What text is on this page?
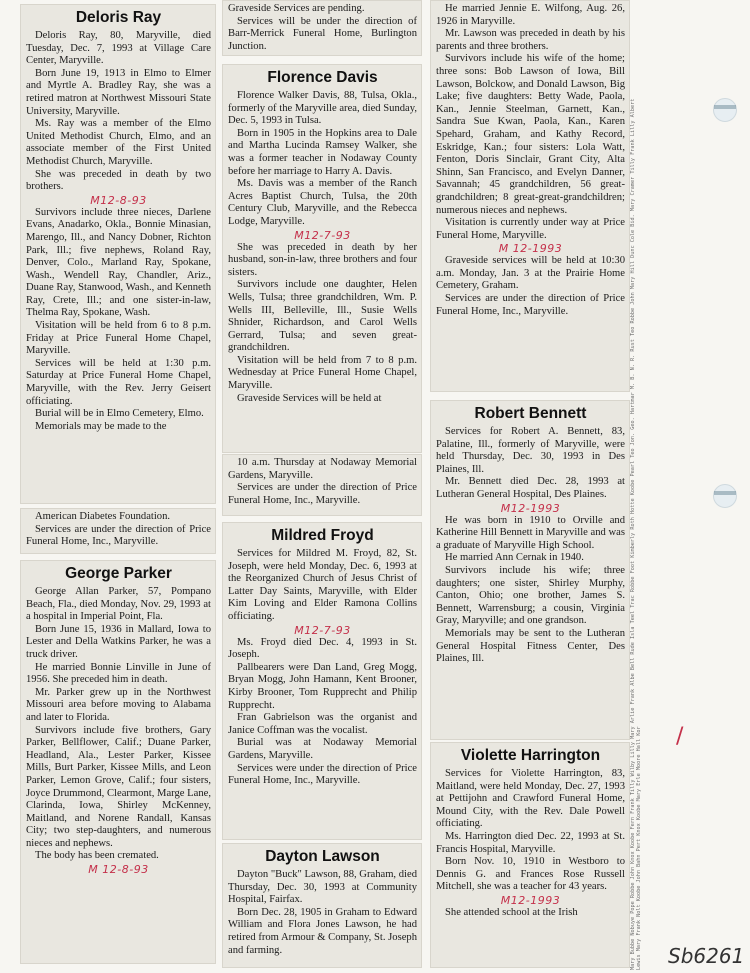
Deloris Ray

Deloris Ray, 80, Maryville, died Tuesday, Dec. 7, 1993 at Village Care Center, Maryville.

Born June 19, 1913 in Elmo to Elmer and Myrtle A. Bradley Ray, she was a retired matron at Northwest Missouri State University, Maryville.

Ms. Ray was a member of the Elmo United Methodist Church, Elmo, and an associate member of the First United Methodist Church, Maryville.

She was preceded in death by two brothers.

M12-8-93

Survivors include three nieces, Darlene Evans, Anadarko, Okla., Bonnie Minasian, Marengo, Ill., and Nancy Dobner, Richton Park, Ill.; five nephews, Roland Ray, Denver, Colo., Marland Ray, Spokane, Wash., Wendell Ray, Chandler, Ariz., Duane Ray, Stanwood, Wash., and Kenneth Ray, Crete, Ill.; and one sister-in-law, Thelma Ray, Spokane, Wash.

Visitation will be held from 6 to 8 p.m. Friday at Price Funeral Home Chapel, Maryville.

Services will be held at 1:30 p.m. Saturday at Price Funeral Home Chapel, Maryville, with the Rev. Jerry Geisert officiating.

Burial will be in Elmo Cemetery, Elmo.

Memorials may be made to the

American Diabetes Foundation.

Services are under the direction of Price Funeral Home, Inc., Maryville.

George Parker

George Allan Parker, 57, Pompano Beach, Fla., died Monday, Nov. 29, 1993 at a hospital in Imperial Point, Fla.

Born June 15, 1936 in Mallard, Iowa to Lester and Della Watkins Parker, he was a truck driver.

He married Bonnie Linville in June of 1956. She preceded him in death.

Mr. Parker grew up in the Northwest Missouri area before moving to Alabama and later to Florida.

Survivors include five brothers, Gary Parker, Bellflower, Calif.; Duane Parker, Headland, Ala., Lester Parker, Kissee Mills, Burt Parker, Kissee Mills, and Leon Parker, Lemon Grove, Calif.; four sisters, Joyce Drummond, Clearmont, Marge Lane, Clarinda, Iowa, Shirley McKenney, Maitland, and Norene Randall, Kansas City; two step-daughters, and numerous nieces and nephews.

The body has been cremated.

M 12-8-93

Graveside Services are pending.

Services will be under the direction of Barr-Merrick Funeral Home, Burlington Junction.

Florence Davis

Florence Walker Davis, 88, Tulsa, Okla., formerly of the Maryville area, died Sunday, Dec. 5, 1993 in Tulsa.

Born in 1905 in the Hopkins area to Dale and Martha Lucinda Ramsey Walker, she was a former teacher in Nodaway County before her marriage to Harry A. Davis.

Ms. Davis was a member of the Ranch Acres Baptist Church, Tulsa, the 20th Century Club, Maryville, and the Rebecca Lodge, Maryville.

M12-7-93

She was preceded in death by her husband, son-in-law, three brothers and four sisters.

Survivors include one daughter, Helen Wells, Tulsa; three grandchildren, Wm. P. Wells III, Belleville, Ill., Susie Wells Shnider, Richardson, and Carol Wells Gerrard, Tulsa; and seven great-grandchildren.

Visitation will be held from 7 to 8 p.m. Wednesday at Price Funeral Home Chapel, Maryville.

Graveside Services will be held at

10 a.m. Thursday at Nodaway Memorial Gardens, Maryville.

Services are under the direction of Price Funeral Home, Inc., Maryville.

Mildred Froyd

Services for Mildred M. Froyd, 82, St. Joseph, were held Monday, Dec. 6, 1993 at the Reorganized Church of Jesus Christ of Latter Day Saints, Maryville, with Elder Kim Loving and Elder Ramona Collins officiating.

M12-7-93

Ms. Froyd died Dec. 4, 1993 in St. Joseph.

Pallbearers were Dan Land, Greg Mogg, Bryan Mogg, John Hamann, Kent Brooner, Kirby Brooner, Tom Rupprecht and Philip Rupprecht.

Fran Gabrielson was the organist and Janice Coffman was the vocalist.

Burial was at Nodaway Memorial Gardens, Maryville.

Services were under the direction of Price Funeral Home, Inc., Maryville.

Dayton Lawson

Dayton "Buck" Lawson, 88, Graham, died Thursday, Dec. 30, 1993 at Community Hospital, Fairfax.

Born Dec. 28, 1905 in Graham to Edward William and Flora Jones Lawson, he had retired from Armour & Company, St. Joseph and farming.

He married Jennie E. Wilfong, Aug. 26, 1926 in Maryville.

Mr. Lawson was preceded in death by his parents and three brothers.

Survivors include his wife of the home; three sons: Bob Lawson of Iowa, Bill Lawson, Bolckow, and Donald Lawson, Big Lake; five daughters: Betty Wade, Paola, Kan., Jennie Steelman, Garnett, Kan., Sandra Sue Kwan, Paola, Kan., Karen Spehard, Graham, and Kathy Record, Eskridge, Kan.; four sisters: Lola Watt, Fenton, Doris Sinclair, Grant City, Alta Shinn, San Francisco, and Evelyn Danner, Savannah; 45 grandchildren, 56 great-grandchildren; 8 great-great-grandchildren; numerous nieces and nephews.

Visitation is currently under way at Price Funeral Home, Maryville.

M 12-1993

Graveside services will be held at 10:30 a.m. Monday, Jan. 3 at the Prairie Home Cemetery, Graham.

Services are under the direction of Price Funeral Home, Inc., Maryville.

Robert Bennett

Services for Robert A. Bennett, 83, Palatine, Ill., formerly of Maryville, were held Thursday, Dec. 30, 1993 in Des Plaines, Ill.

Mr. Bennett died Dec. 28, 1993 at Lutheran General Hospital, Des Plaines.

M12-1993

He was born in 1910 to Orville and Katherine Hill Bennett in Maryville and was a graduate of Maryville High School.

He married Ann Cernak in 1940.

Survivors include his wife; three daughters; one sister, Shirley Murphy, Canton, Ohio; one brother, James S. Bennett, Warrensburg; a cousin, Virginia Gray, Maryville; and one grandson.

Memorials may be sent to the Lutheran General Hospital Fitness Center, Des Plaines, Ill.

Violette Harrington

Services for Violette Harrington, 83, Maitland, were held Monday, Dec. 27, 1993 at Pettijohn and Crawford Funeral Home, Mound City, with the Rev. Dale Powell officiating.

Ms. Harrington died Dec. 22, 1993 at St. Francis Hospital, Maryville.

Born Nov. 10, 1910 in Westboro to Dennis G. and Frances Rose Russell Mitchell, she was a teacher for 43 years.

M12-1993

She attended school at the Irish	Mary Bubbe Nobuye Pope Robbe John Knox Koobe Fern Frank Tilly Wilby Lilly Mary Arlie Frank Albe Bell Rude Isla Teel Trac Robbe Foot Kimberly Roth Hotte Koobe Pearl Teo Jon. Geo. Hartmar M. B. N. R. Rust Teo Robbe John Mary Hill Dunc Cole Bid. Mary Cramer Tilly Frank Lilly Albert Lewis Mary Frank Nolt Koobe John Bahn Pert Knox Koobe Mary Erle Moore Hall Kor	/
Sb6261
